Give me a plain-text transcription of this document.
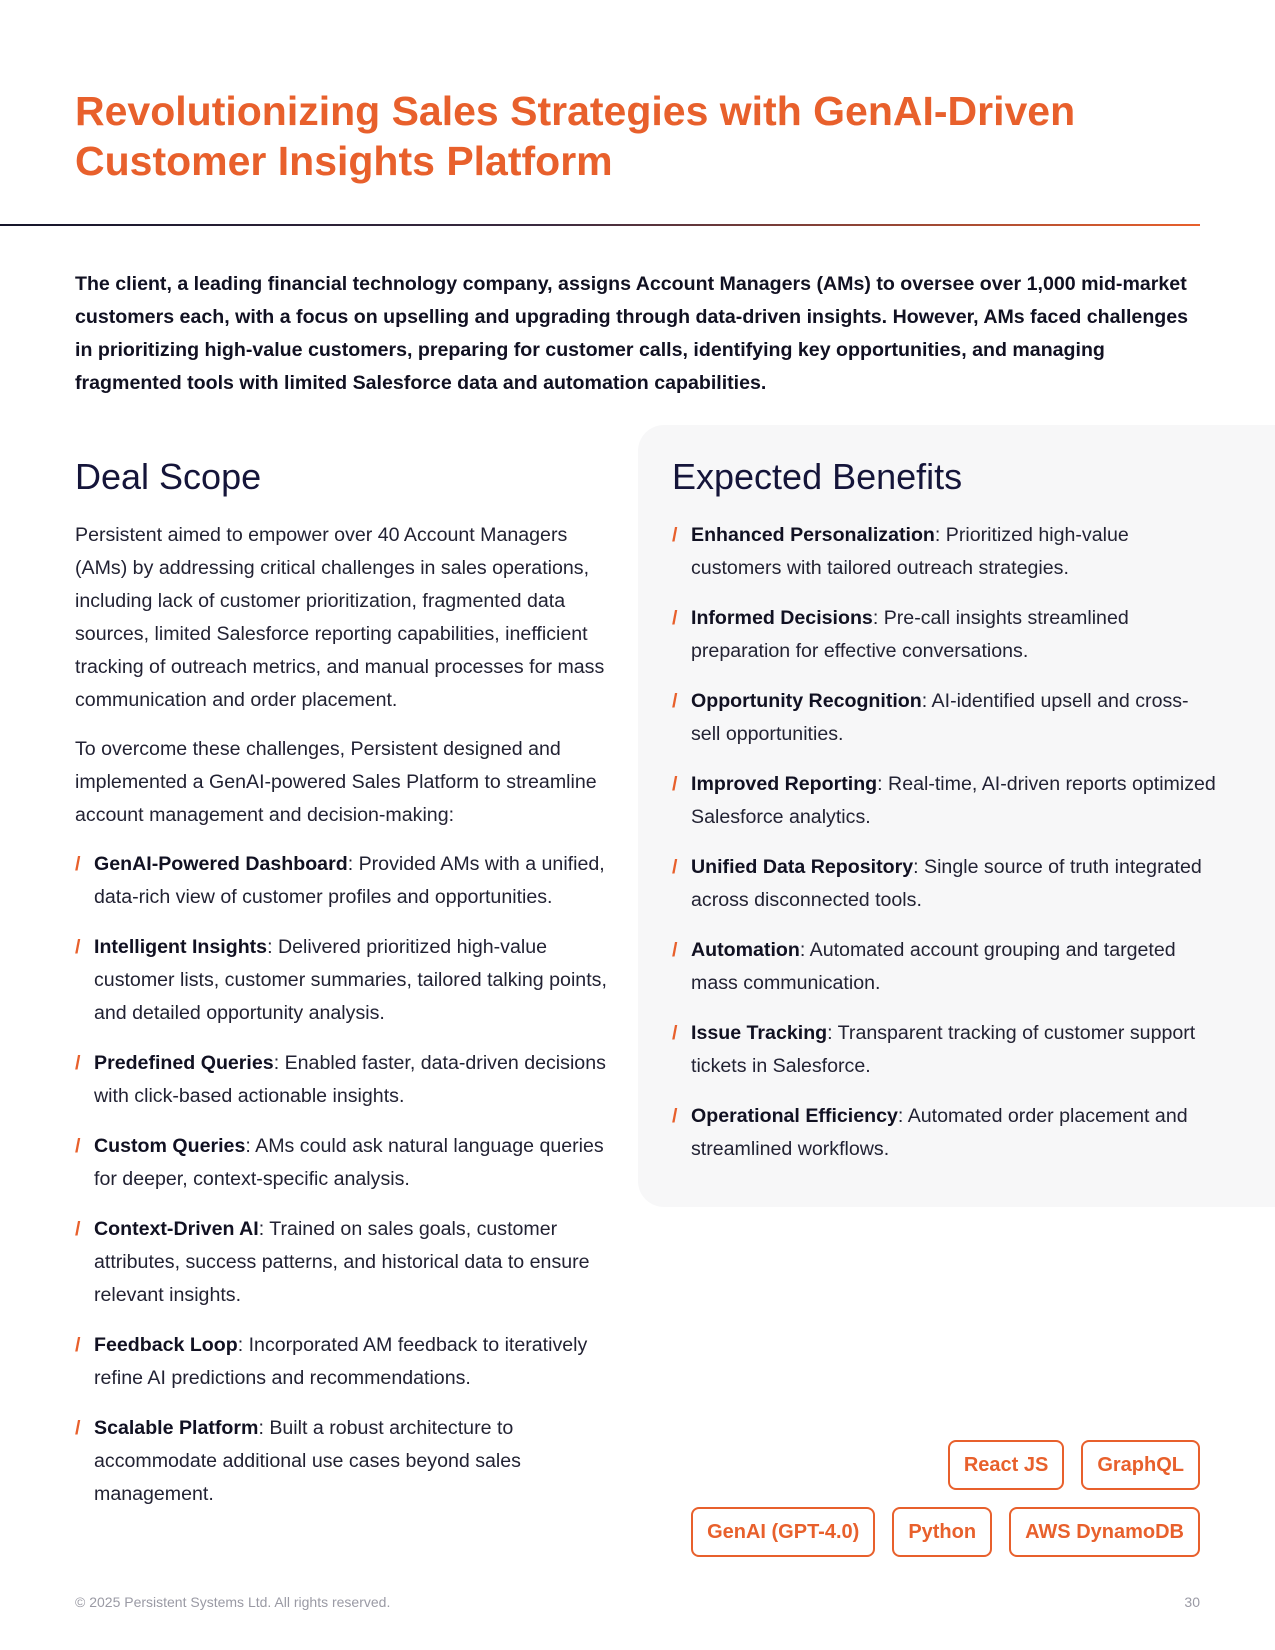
Revolutionizing Sales Strategies with GenAI-Driven
Customer Insights Platform

The client, a leading financial technology company, assigns Account Managers (AMs) to oversee over 1,000 mid-market customers each, with a focus on upselling and upgrading through data-driven insights. However, AMs faced challenges in prioritizing high-value customers, preparing for customer calls, identifying key opportunities, and managing fragmented tools with limited Salesforce data and automation capabilities.

Deal Scope

Persistent aimed to empower over 40 Account Managers (AMs) by addressing critical challenges in sales operations, including lack of customer prioritization, fragmented data sources, limited Salesforce reporting capabilities, inefficient tracking of outreach metrics, and manual processes for mass communication and order placement.

To overcome these challenges, Persistent designed and implemented a GenAI-powered Sales Platform to streamline account management and decision-making:

/ GenAI-Powered Dashboard: Provided AMs with a unified, data-rich view of customer profiles and opportunities.
/ Intelligent Insights: Delivered prioritized high-value customer lists, customer summaries, tailored talking points, and detailed opportunity analysis.
/ Predefined Queries: Enabled faster, data-driven decisions with click-based actionable insights.
/ Custom Queries: AMs could ask natural language queries for deeper, context-specific analysis.
/ Context-Driven AI: Trained on sales goals, customer attributes, success patterns, and historical data to ensure relevant insights.
/ Feedback Loop: Incorporated AM feedback to iteratively refine AI predictions and recommendations.
/ Scalable Platform: Built a robust architecture to accommodate additional use cases beyond sales management.
Expected Benefits
/ Enhanced Personalization: Prioritized high-value customers with tailored outreach strategies.
/ Informed Decisions: Pre-call insights streamlined preparation for effective conversations.
/ Opportunity Recognition: AI-identified upsell and cross-sell opportunities.
/ Improved Reporting: Real-time, AI-driven reports optimized Salesforce analytics.
/ Unified Data Repository: Single source of truth integrated across disconnected tools.
/ Automation: Automated account grouping and targeted mass communication.
/ Issue Tracking: Transparent tracking of customer support tickets in Salesforce.
/ Operational Efficiency: Automated order placement and streamlined workflows.
React JS	GraphQL
GenAI (GPT-4.0)	Python	AWS DynamoDB
© 2025 Persistent Systems Ltd. All rights reserved.	30
